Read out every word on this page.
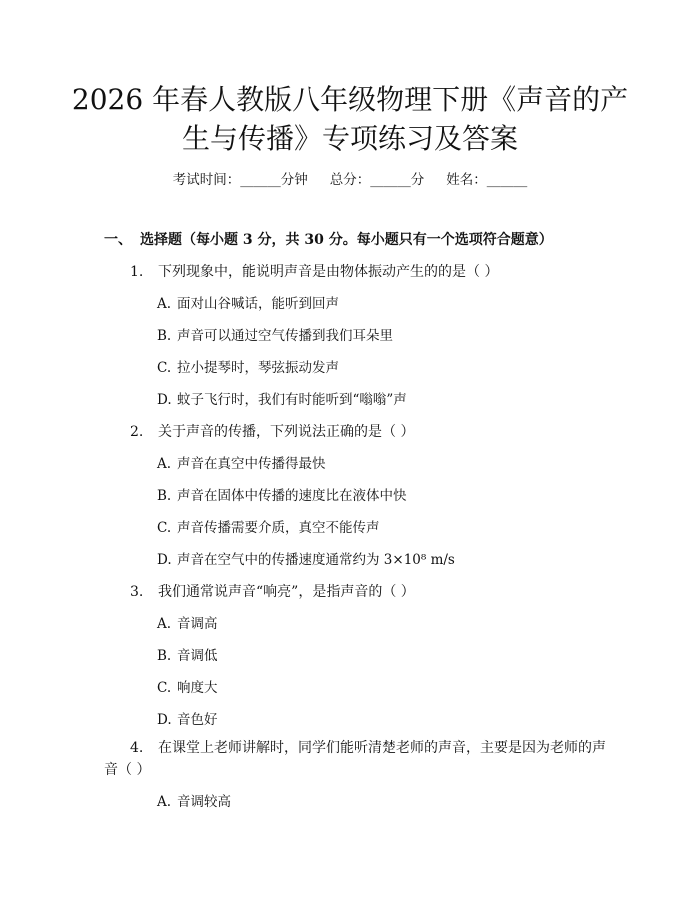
2026 年春人教版八年级物理下册《声音的产
生与传播》专项练习及答案
考试时间：______分钟 总分：______分 姓名：______
一、 选择题（每小题 3 分，共 30 分。每小题只有一个选项符合题意）
1. 下列现象中，能说明声音是由物体振动产生的的是（ ）
A. 面对山谷喊话，能听到回声
B. 声音可以通过空气传播到我们耳朵里
C. 拉小提琴时，琴弦振动发声
D. 蚊子飞行时，我们有时能听到“嗡嗡”声
2. 关于声音的传播，下列说法正确的是（ ）
A. 声音在真空中传播得最快
B. 声音在固体中传播的速度比在液体中快
C. 声音传播需要介质，真空不能传声
D. 声音在空气中的传播速度通常约为 3×10⁸ m/s
3. 我们通常说声音“响亮”，是指声音的（ ）
A. 音调高
B. 音调低
C. 响度大
D. 音色好
4. 在课堂上老师讲解时，同学们能听清楚老师的声音，主要是因为老师的声
音（ ）
A. 音调较高
